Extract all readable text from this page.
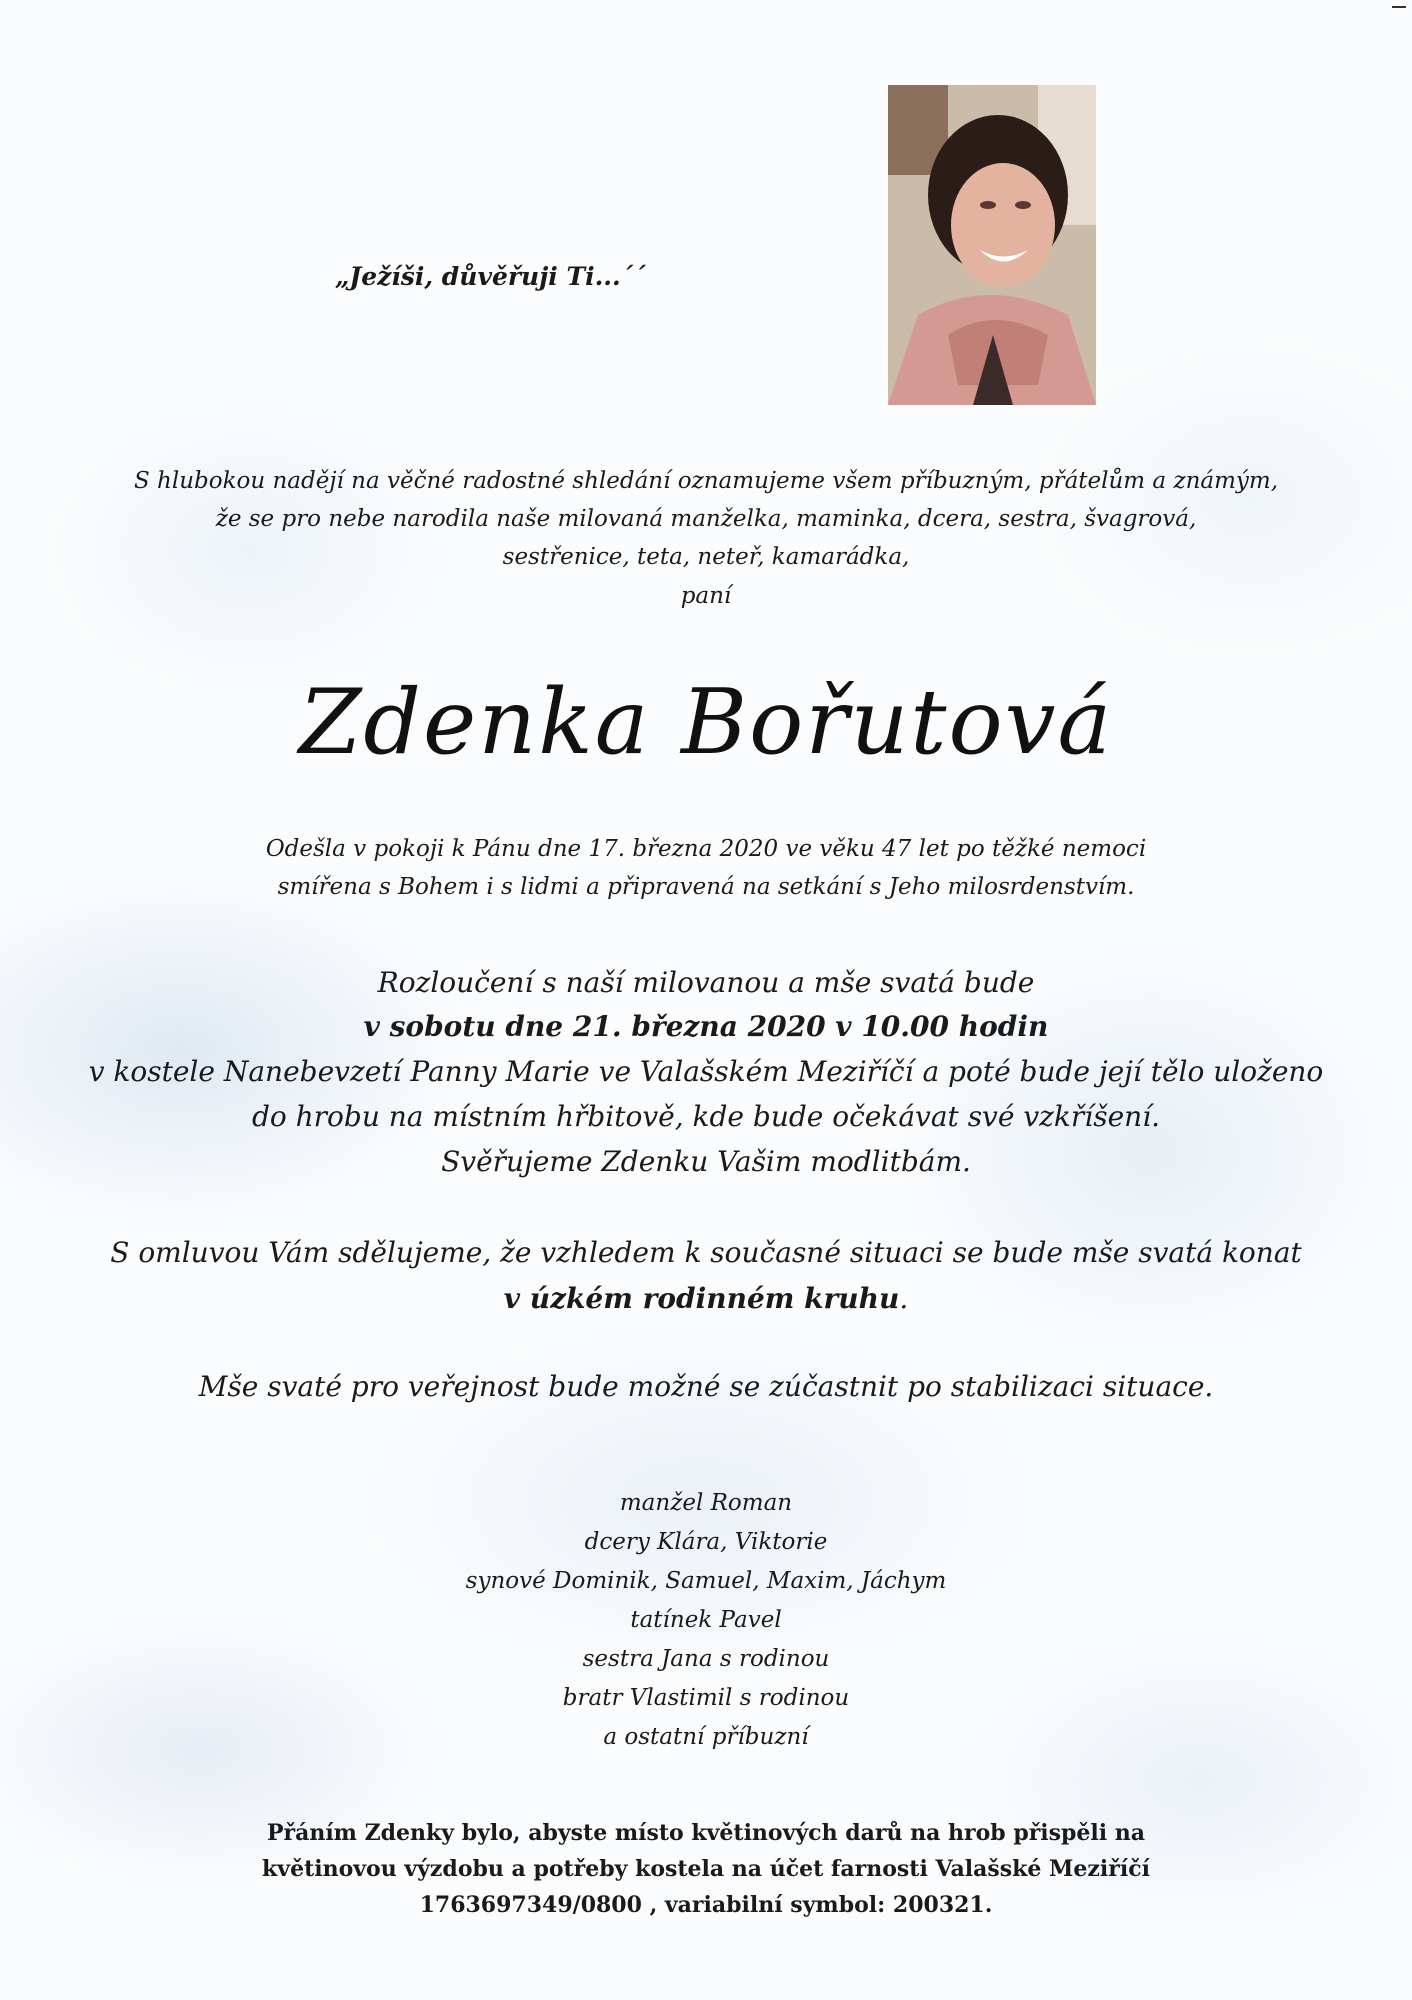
„Ježíši, důvěřuji Ti...´´
S hlubokou nadějí na věčné radostné shledání oznamujeme všem příbuzným, přátelům a známým,
že se pro nebe narodila naše milovaná manželka, maminka, dcera, sestra, švagrová,
sestřenice, teta, neteř, kamarádka,
paní
Zdenka Bořutová
Odešla v pokoji k Pánu dne 17. března 2020 ve věku 47 let po těžké nemoci
smířena s Bohem i s lidmi a připravená na setkání s Jeho milosrdenstvím.
Rozloučení s naší milovanou a mše svatá bude
v sobotu dne 21. března 2020 v 10.00 hodin
v kostele Nanebevzetí Panny Marie ve Valašském Meziříčí a poté bude její tělo uloženo
do hrobu na místním hřbitově, kde bude očekávat své vzkříšení.
Svěřujeme Zdenku Vašim modlitbám.
S omluvou Vám sdělujeme, že vzhledem k současné situaci se bude mše svatá konat
v úzkém rodinném kruhu.
Mše svaté pro veřejnost bude možné se zúčastnit po stabilizaci situace.
manžel Roman
dcery Klára, Viktorie
synové Dominik, Samuel, Maxim, Jáchym
tatínek Pavel
sestra Jana s rodinou
bratr Vlastimil s rodinou
a ostatní příbuzní
Přáním Zdenky bylo, abyste místo květinových darů na hrob přispěli na
květinovou výzdobu a potřeby kostela na účet farnosti Valašské Meziříčí
1763697349/0800 , variabilní symbol: 200321.
